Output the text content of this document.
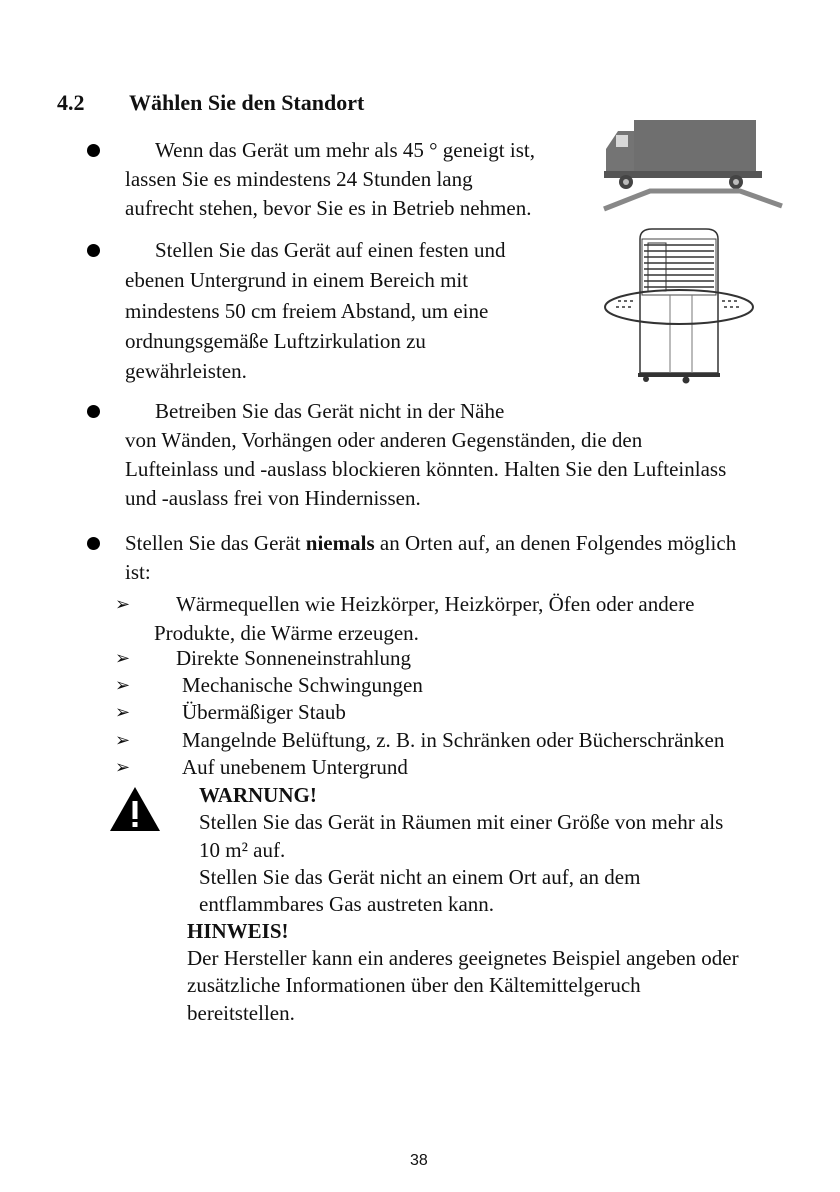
4.2 Wählen Sie den Standort
Wenn das Gerät um mehr als 45 ° geneigt ist,
lassen Sie es mindestens 24 Stunden lang
aufrecht stehen, bevor Sie es in Betrieb nehmen.
Stellen Sie das Gerät auf einen festen und
ebenen Untergrund in einem Bereich mit
mindestens 50 cm freiem Abstand, um eine
ordnungsgemäße Luftzirkulation zu
gewährleisten.
Betreiben Sie das Gerät nicht in der Nähe
von Wänden, Vorhängen oder anderen Gegenständen, die den
Lufteinlass und -auslass blockieren könnten. Halten Sie den Lufteinlass
und -auslass frei von Hindernissen.
Stellen Sie das Gerät niemals an Orten auf, an denen Folgendes möglich
ist:
➢ Wärmequellen wie Heizkörper, Heizkörper, Öfen oder andere
Produkte, die Wärme erzeugen.
➢ Direkte Sonneneinstrahlung
➢ Mechanische Schwingungen
➢ Übermäßiger Staub
➢ Mangelnde Belüftung, z. B. in Schränken oder Bücherschränken
➢ Auf unebenem Untergrund
WARNUNG!
Stellen Sie das Gerät in Räumen mit einer Größe von mehr als
10 m² auf.
Stellen Sie das Gerät nicht an einem Ort auf, an dem
entflammbares Gas austreten kann.
HINWEIS!
Der Hersteller kann ein anderes geeignetes Beispiel angeben oder
zusätzliche Informationen über den Kältemittelgeruch
bereitstellen.
38
